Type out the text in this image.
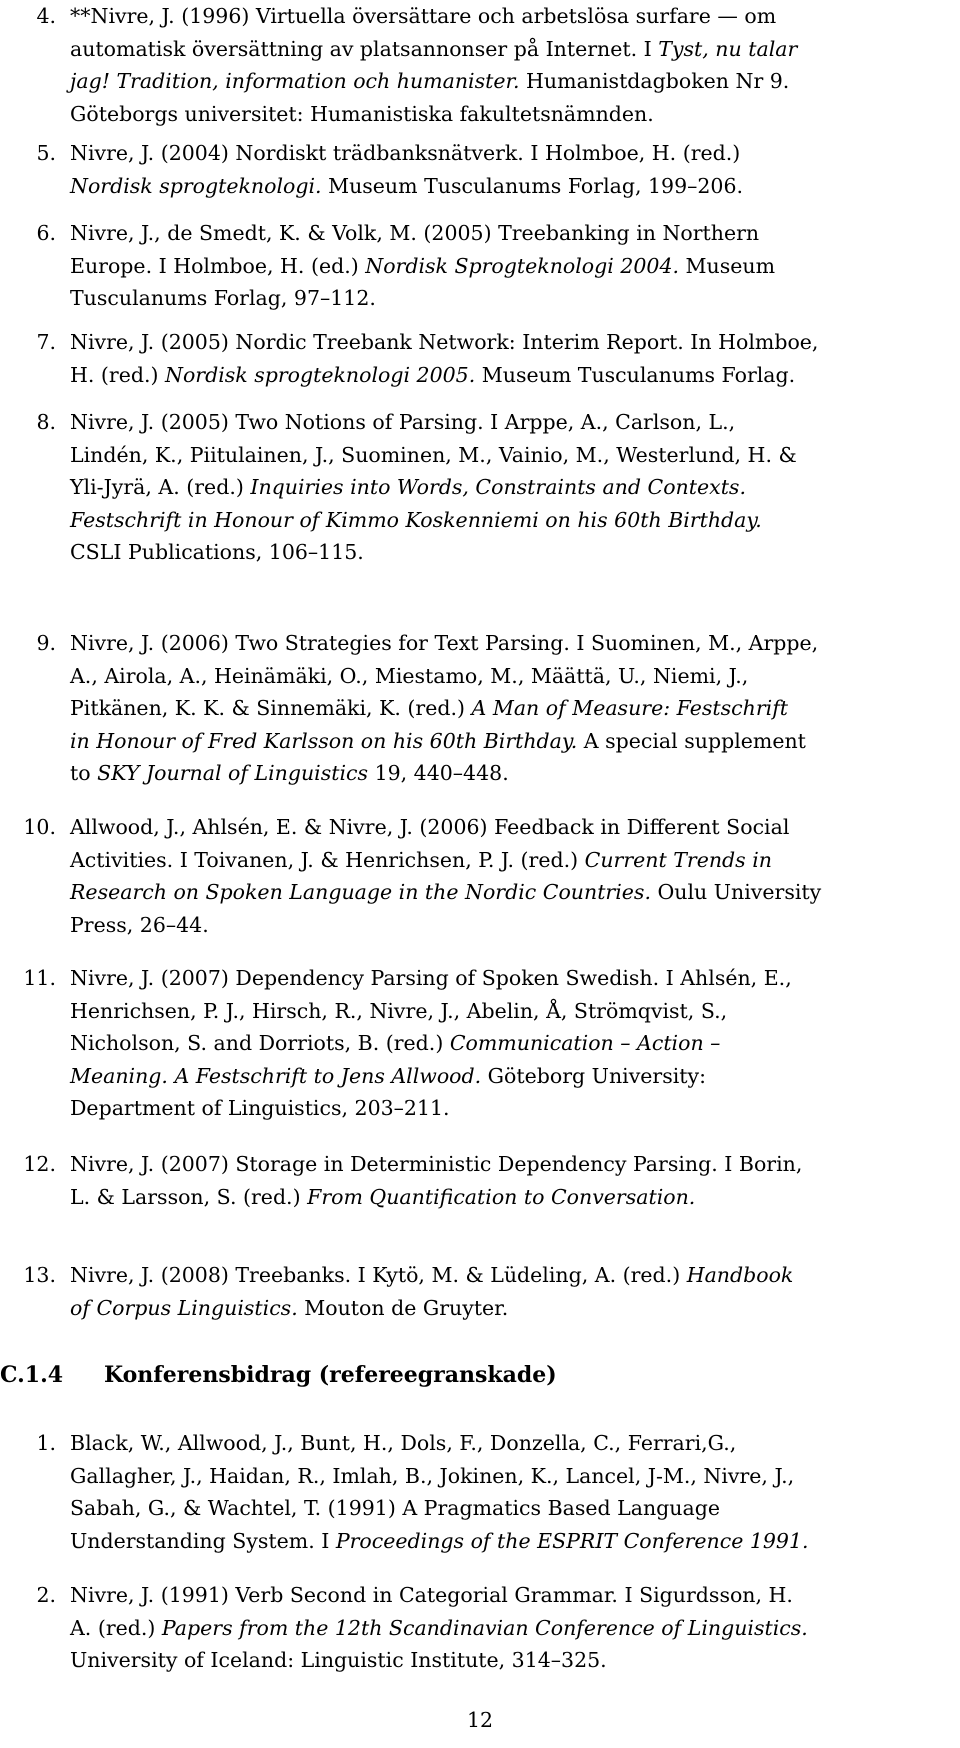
4. **Nivre, J. (1996) Virtuella översättare och arbetslösa surfare — om
automatisk översättning av platsannonser på Internet. I Tyst, nu talar
jag! Tradition, information och humanister. Humanistdagboken Nr 9.
Göteborgs universitet: Humanistiska fakultetsnämnden.
5. Nivre, J. (2004) Nordiskt trädbanksnätverk. I Holmboe, H. (red.)
Nordisk sprogteknologi. Museum Tusculanums Forlag, 199–206.
6. Nivre, J., de Smedt, K. & Volk, M. (2005) Treebanking in Northern
Europe. I Holmboe, H. (ed.) Nordisk Sprogteknologi 2004. Museum
Tusculanums Forlag, 97–112.
7. Nivre, J. (2005) Nordic Treebank Network: Interim Report. In Holmboe,
H. (red.) Nordisk sprogteknologi 2005. Museum Tusculanums Forlag.
8. Nivre, J. (2005) Two Notions of Parsing. I Arppe, A., Carlson, L.,
Lindén, K., Piitulainen, J., Suominen, M., Vainio, M., Westerlund, H. &
Yli-Jyrä, A. (red.) Inquiries into Words, Constraints and Contexts.
Festschrift in Honour of Kimmo Koskenniemi on his 60th Birthday.
CSLI Publications, 106–115.
9. Nivre, J. (2006) Two Strategies for Text Parsing. I Suominen, M., Arppe,
A., Airola, A., Heinämäki, O., Miestamo, M., Määttä, U., Niemi, J.,
Pitkänen, K. K. & Sinnemäki, K. (red.) A Man of Measure: Festschrift
in Honour of Fred Karlsson on his 60th Birthday. A special supplement
to SKY Journal of Linguistics 19, 440–448.
10. Allwood, J., Ahlsén, E. & Nivre, J. (2006) Feedback in Different Social
Activities. I Toivanen, J. & Henrichsen, P. J. (red.) Current Trends in
Research on Spoken Language in the Nordic Countries. Oulu University
Press, 26–44.
11. Nivre, J. (2007) Dependency Parsing of Spoken Swedish. I Ahlsén, E.,
Henrichsen, P. J., Hirsch, R., Nivre, J., Abelin, Å, Strömqvist, S.,
Nicholson, S. and Dorriots, B. (red.) Communication – Action –
Meaning. A Festschrift to Jens Allwood. Göteborg University:
Department of Linguistics, 203–211.
12. Nivre, J. (2007) Storage in Deterministic Dependency Parsing. I Borin,
L. & Larsson, S. (red.) From Quantification to Conversation.
13. Nivre, J. (2008) Treebanks. I Kytö, M. & Lüdeling, A. (red.) Handbook
of Corpus Linguistics. Mouton de Gruyter.
C.1.4 Konferensbidrag (refereegranskade)
1. Black, W., Allwood, J., Bunt, H., Dols, F., Donzella, C., Ferrari,G.,
Gallagher, J., Haidan, R., Imlah, B., Jokinen, K., Lancel, J-M., Nivre, J.,
Sabah, G., & Wachtel, T. (1991) A Pragmatics Based Language
Understanding System. I Proceedings of the ESPRIT Conference 1991.
2. Nivre, J. (1991) Verb Second in Categorial Grammar. I Sigurdsson, H.
A. (red.) Papers from the 12th Scandinavian Conference of Linguistics.
University of Iceland: Linguistic Institute, 314–325.
12
